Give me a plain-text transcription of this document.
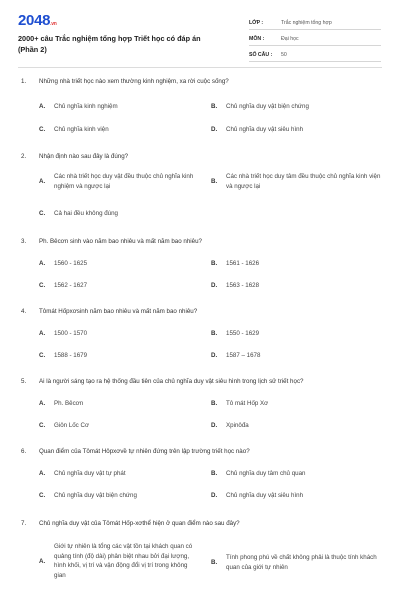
2048.vn
2000+ câu Trắc nghiệm tổng hợp Triết học có đáp án (Phần 2)
LỚP :	Trắc nghiệm tổng hợp
MÔN :	Đại học
SỐ CÂU :	50
1. Những nhà triết học nào xem thường kinh nghiệm, xa rời cuộc sống?
A.	Chủ nghĩa kinh nghiệm	B.	Chủ nghĩa duy vật biện chứng
C.	Chủ nghĩa kinh viện	D.	Chủ nghĩa duy vật siêu hình
2. Nhận định nào sau đây là đúng?
A.
Các nhà triết học duy vật đều thuộc chủ nghĩa kinh nghiệm và ngược lại
B.
Các nhà triết học duy tâm đều thuộc chủ nghĩa kinh viện và ngược lại
C.	Cả hai đều không đúng
3. Ph. Bêcơn sinh vào năm bao nhiêu và mất năm bao nhiêu?
A.	1560 - 1625	B.	1561 - 1626
C.	1562 - 1627	D.	1563 - 1628
4. Tômát Hốpxơsinh năm bao nhiêu và mất năm bao nhiêu?
A.	1500 - 1570	B.	1550 - 1629
C.	1588 - 1679	D.	1587 – 1678
5. Ai là người sáng tạo ra hệ thống đầu tiên của chủ nghĩa duy vật siêu hình trong lịch sử triết học?
A.	Ph. Bêcơn	B.	Tô mát Hốp Xơ
C.	Giôn Lốc Cơ	D.	Xpinôđa
6. Quan điểm của Tômát Hôpxơvề tự nhiên đứng trên lập trường triết học nào?
A.	Chủ nghĩa duy vật tự phát	B.	Chủ nghĩa duy tâm chủ quan
C.	Chủ nghĩa duy vật biện chứng	D.	Chủ nghĩa duy vật siêu hình
7. Chủ nghĩa duy vật của Tômát Hốp-xơthể hiện ở quan điểm nào sau đây?
A.
Giới tự nhiên là tổng các vật tồn tại khách quan có quảng tính (độ dài) phân biệt nhau bởi đại lượng, hình khối, vị trí và vận động đổi vị trí trong không gian
B.
Tính phong phú về chất không phải là thuộc tính khách quan của giới tự nhiên
